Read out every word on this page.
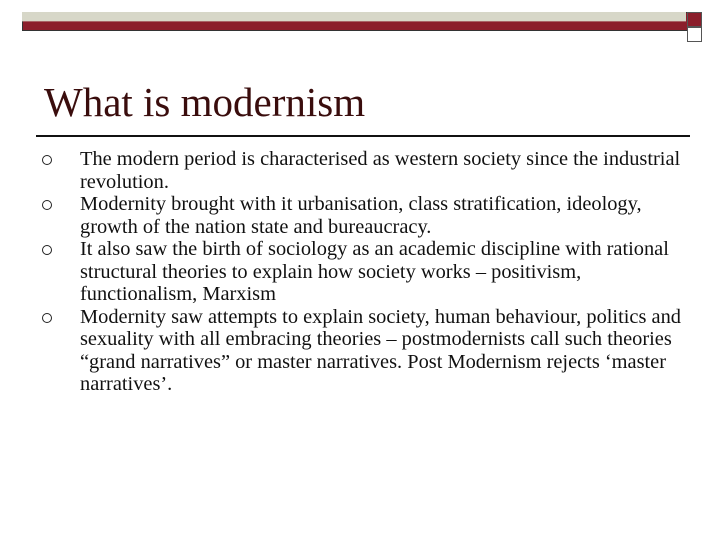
What is modernism
The modern period is characterised as western society since the industrial revolution.
Modernity brought with it urbanisation, class stratification, ideology, growth of the nation state and bureaucracy.
It also saw the birth of sociology as an academic discipline with rational structural theories to explain how society works – positivism, functionalism, Marxism
Modernity saw attempts to explain society, human behaviour, politics and sexuality with all embracing theories – postmodernists call such theories “grand narratives” or master narratives. Post Modernism rejects ‘master narratives’.
